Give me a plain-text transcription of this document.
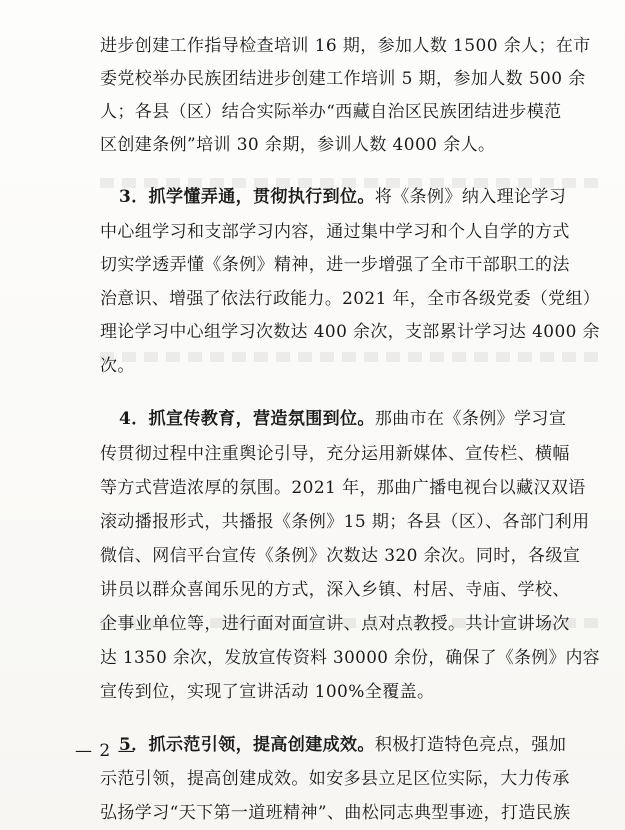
进步创建工作指导检查培训 16 期，参加人数 1500 余人；在市
委党校举办民族团结进步创建工作培训 5 期，参加人数 500 余
人；各县（区）结合实际举办“西藏自治区民族团结进步模范
区创建条例”培训 30 余期，参训人数 4000 余人。
3．抓学懂弄通，贯彻执行到位。将《条例》纳入理论学习
中心组学习和支部学习内容，通过集中学习和个人自学的方式
切实学透弄懂《条例》精神，进一步增强了全市干部职工的法
治意识、增强了依法行政能力。2021 年，全市各级党委（党组）
理论学习中心组学习次数达 400 余次，支部累计学习达 4000 余
次。
4．抓宣传教育，营造氛围到位。那曲市在《条例》学习宣
传贯彻过程中注重舆论引导，充分运用新媒体、宣传栏、横幅
等方式营造浓厚的氛围。2021 年，那曲广播电视台以藏汉双语
滚动播报形式，共播报《条例》15 期；各县（区）、各部门利用
微信、网信平台宣传《条例》次数达 320 余次。同时，各级宣
讲员以群众喜闻乐见的方式，深入乡镇、村居、寺庙、学校、
企事业单位等，进行面对面宣讲、点对点教授。共计宣讲场次
达 1350 余次，发放宣传资料 30000 余份，确保了《条例》内容
宣传到位，实现了宣讲活动 100%全覆盖。
5．抓示范引领，提高创建成效。积极打造特色亮点，强加
示范引领，提高创建成效。如安多县立足区位实际，大力传承
弘扬学习“天下第一道班精神”、曲松同志典型事迹，打造民族
— 2 —
